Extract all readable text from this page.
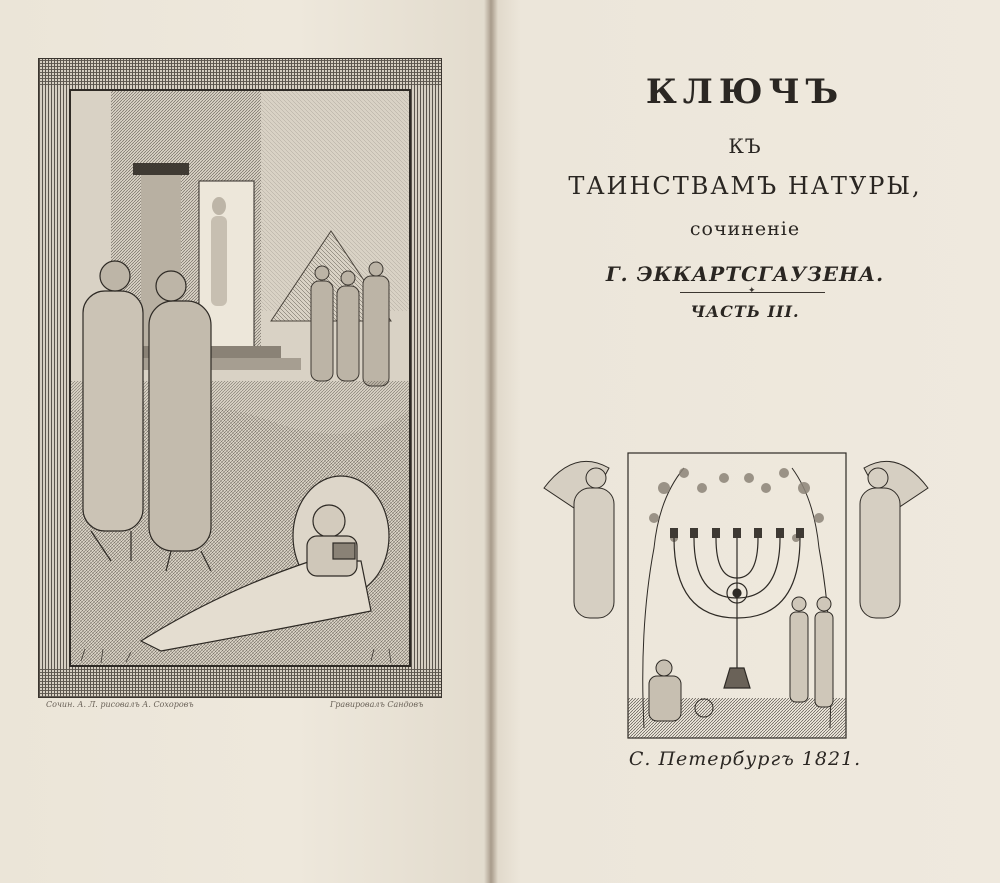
Сочин. А. Л. рисовалъ А. Сохоровъ	Гравировалъ Сандовъ
КЛЮЧЪ
КЪ
ТАИНСТВАМЪ НАТУРЫ,
сочиненіе
Г. ЭККАРТСГАУЗЕНА.
✦
ЧАСТЬ III.
С. Петербургъ 1821.
